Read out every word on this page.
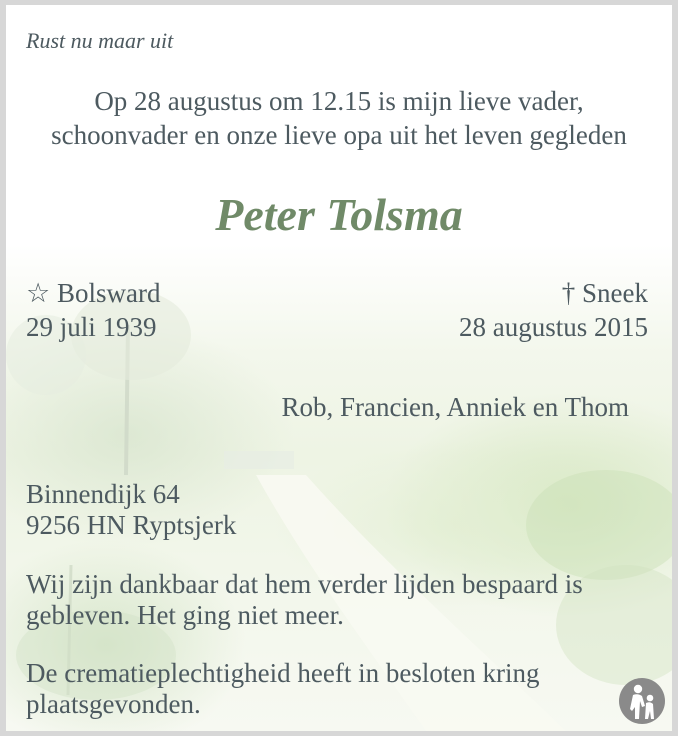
Rust nu maar uit
Op 28 augustus om 12.15 is mijn lieve vader,
schoonvader en onze lieve opa uit het leven gegleden
Peter Tolsma
☆ Bolsward
29 juli 1939
† Sneek
28 augustus 2015
Rob, Francien, Anniek en Thom
Binnendijk 64
9256 HN Ryptsjerk
Wij zijn dankbaar dat hem verder lijden bespaard is
gebleven. Het ging niet meer.
De crematieplechtigheid heeft in besloten kring
plaatsgevonden.
